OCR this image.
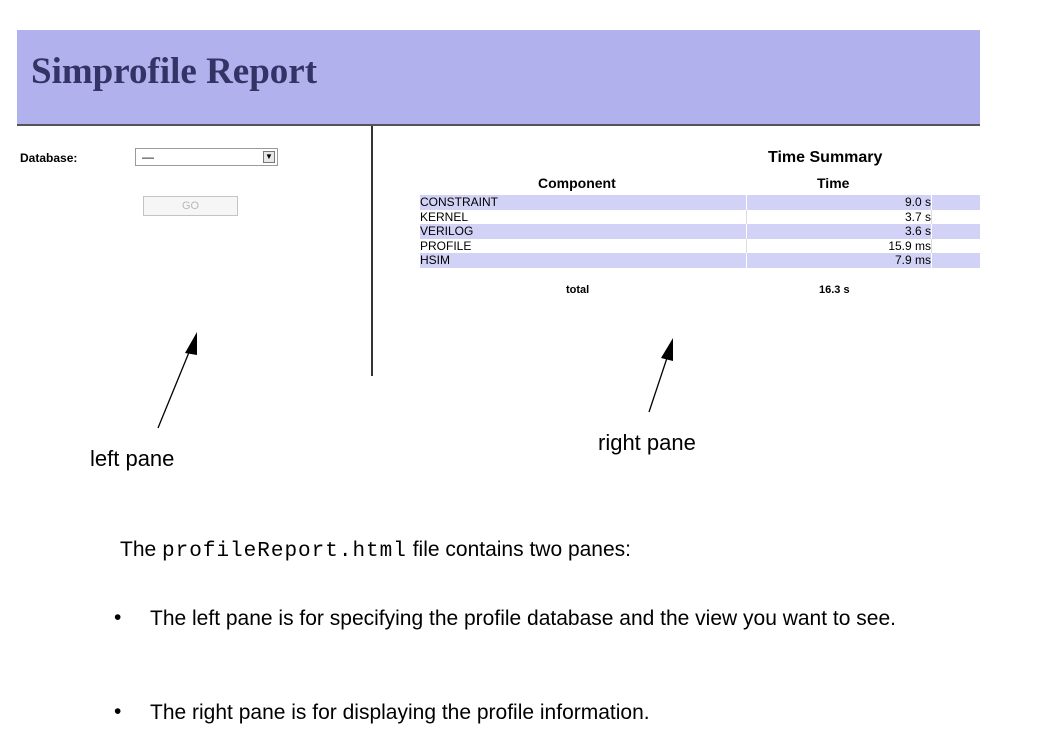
Simprofile Report
Database:	—	▼
GO
Time Summary
Component	Time
CONSTRAINT	9.0 s
KERNEL	3.7 s
VERILOG	3.6 s
PROFILE	15.9 ms
HSIM	7.9 ms
total	16.3 s
left pane
right pane

The profileReport.html file contains two panes:

• The left pane is for specifying the profile database and the view you want to see.

• The right pane is for displaying the profile information.
